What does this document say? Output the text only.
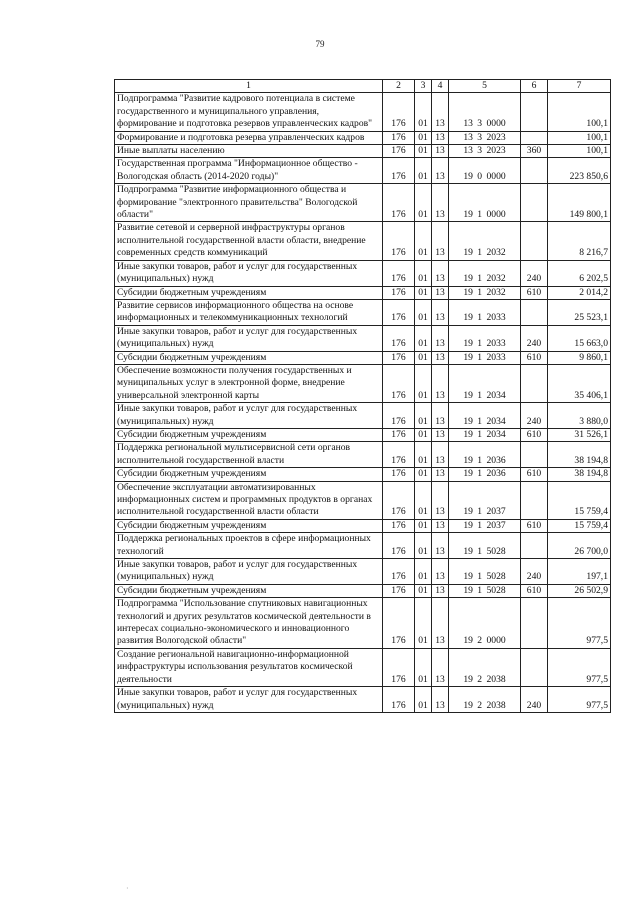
79
1	2	3	4	5	6	7
Подпрограмма "Развитие кадрового потенциала в системе государственного и муниципального управления, формирование и подготовка резервов управленческих кадров"	176	01	13	13 3 0000		100,1
Формирование и подготовка резерва управленческих кадров	176	01	13	13 3 2023		100,1
Иные выплаты населению	176	01	13	13 3 2023	360	100,1
Государственная программа "Информационное общество - Вологодская область (2014-2020 годы)"	176	01	13	19 0 0000		223 850,6
Подпрограмма "Развитие информационного общества и формирование "электронного правительства" Вологодской области"	176	01	13	19 1 0000		149 800,1
Развитие сетевой и серверной инфраструктуры органов исполнительной государственной власти области, внедрение современных средств коммуникаций	176	01	13	19 1 2032		8 216,7
Иные закупки товаров, работ и услуг для государственных (муниципальных) нужд	176	01	13	19 1 2032	240	6 202,5
Субсидии бюджетным учреждениям	176	01	13	19 1 2032	610	2 014,2
Развитие сервисов информационного общества на основе информационных и телекоммуникационных технологий	176	01	13	19 1 2033		25 523,1
Иные закупки товаров, работ и услуг для государственных (муниципальных) нужд	176	01	13	19 1 2033	240	15 663,0
Субсидии бюджетным учреждениям	176	01	13	19 1 2033	610	9 860,1
Обеспечение возможности получения государственных и муниципальных услуг в электронной форме, внедрение универсальной электронной карты	176	01	13	19 1 2034		35 406,1
Иные закупки товаров, работ и услуг для государственных (муниципальных) нужд	176	01	13	19 1 2034	240	3 880,0
Субсидии бюджетным учреждениям	176	01	13	19 1 2034	610	31 526,1
Поддержка региональной мультисервисной сети органов исполнительной государственной власти	176	01	13	19 1 2036		38 194,8
Субсидии бюджетным учреждениям	176	01	13	19 1 2036	610	38 194,8
Обеспечение эксплуатации автоматизированных информационных систем и программных продуктов в органах исполнительной государственной власти области	176	01	13	19 1 2037		15 759,4
Субсидии бюджетным учреждениям	176	01	13	19 1 2037	610	15 759,4
Поддержка региональных проектов в сфере информационных технологий	176	01	13	19 1 5028		26 700,0
Иные закупки товаров, работ и услуг для государственных (муниципальных) нужд	176	01	13	19 1 5028	240	197,1
Субсидии бюджетным учреждениям	176	01	13	19 1 5028	610	26 502,9
Подпрограмма "Использование спутниковых навигационных технологий и других результатов космической деятельности в интересах социально-экономического и инновационного развития Вологодской области"	176	01	13	19 2 0000		977,5
Создание региональной навигационно-информационной инфраструктуры использования результатов космической деятельности	176	01	13	19 2 2038		977,5
Иные закупки товаров, работ и услуг для государственных (муниципальных) нужд	176	01	13	19 2 2038	240	977,5
·
